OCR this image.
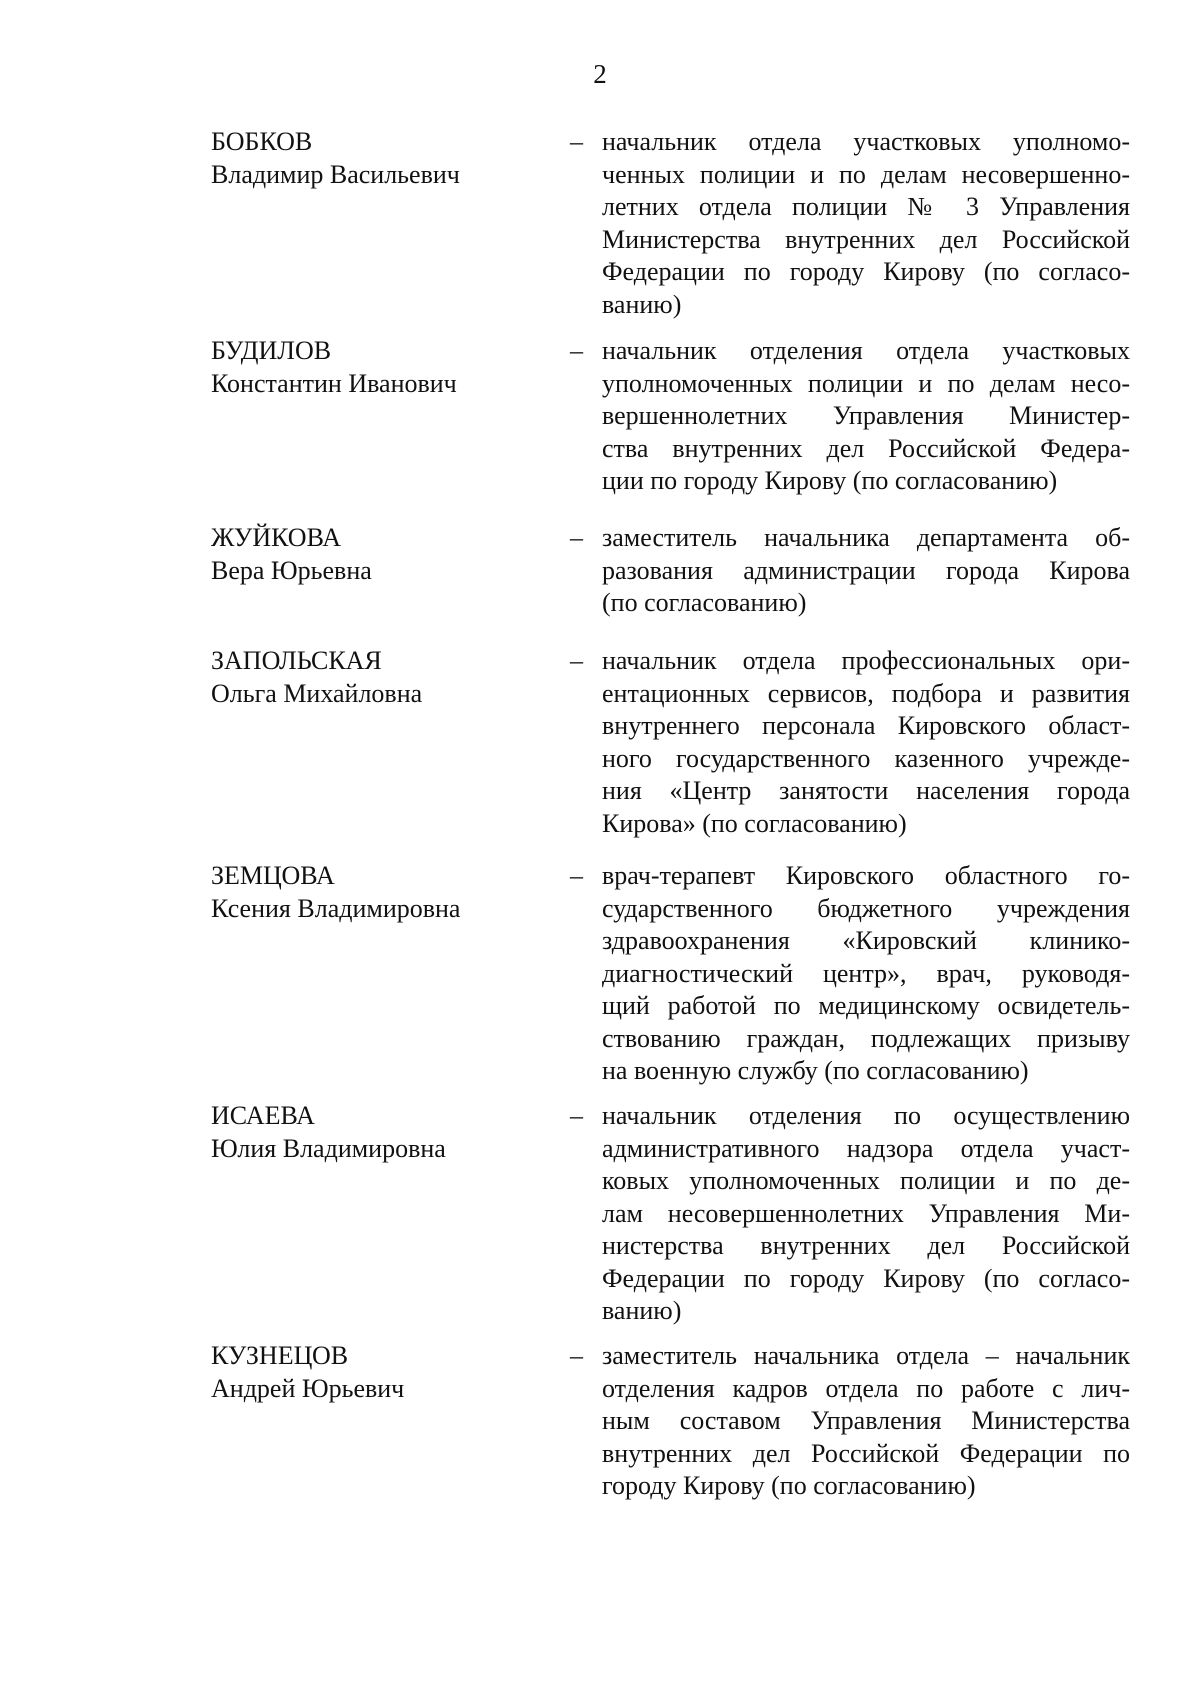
2
БОБКОВ
Владимир Васильевич
– начальник отдела участковых уполномо-
ченных полиции и по делам несовершенно-
летних отдела полиции № 3 Управления
Министерства внутренних дел Российской
Федерации по городу Кирову (по согласо-
ванию)
БУДИЛОВ
Константин Иванович
– начальник отделения отдела участковых
уполномоченных полиции и по делам несо-
вершеннолетних Управления Министер-
ства внутренних дел Российской Федера-
ции по городу Кирову (по согласованию)
ЖУЙКОВА
Вера Юрьевна
– заместитель начальника департамента об-
разования администрации города Кирова
(по согласованию)
ЗАПОЛЬСКАЯ
Ольга Михайловна
– начальник отдела профессиональных ори-
ентационных сервисов, подбора и развития
внутреннего персонала Кировского област-
ного государственного казенного учрежде-
ния «Центр занятости населения города
Кирова» (по согласованию)
ЗЕМЦОВА
Ксения Владимировна
– врач-терапевт Кировского областного го-
сударственного бюджетного учреждения
здравоохранения «Кировский клинико-
диагностический центр», врач, руководя-
щий работой по медицинскому освидетель-
ствованию граждан, подлежащих призыву
на военную службу (по согласованию)
ИСАЕВА
Юлия Владимировна
– начальник отделения по осуществлению
административного надзора отдела участ-
ковых уполномоченных полиции и по де-
лам несовершеннолетних Управления Ми-
нистерства внутренних дел Российской
Федерации по городу Кирову (по согласо-
ванию)
КУЗНЕЦОВ
Андрей Юрьевич
– заместитель начальника отдела – начальник
отделения кадров отдела по работе с лич-
ным составом Управления Министерства
внутренних дел Российской Федерации по
городу Кирову (по согласованию)
